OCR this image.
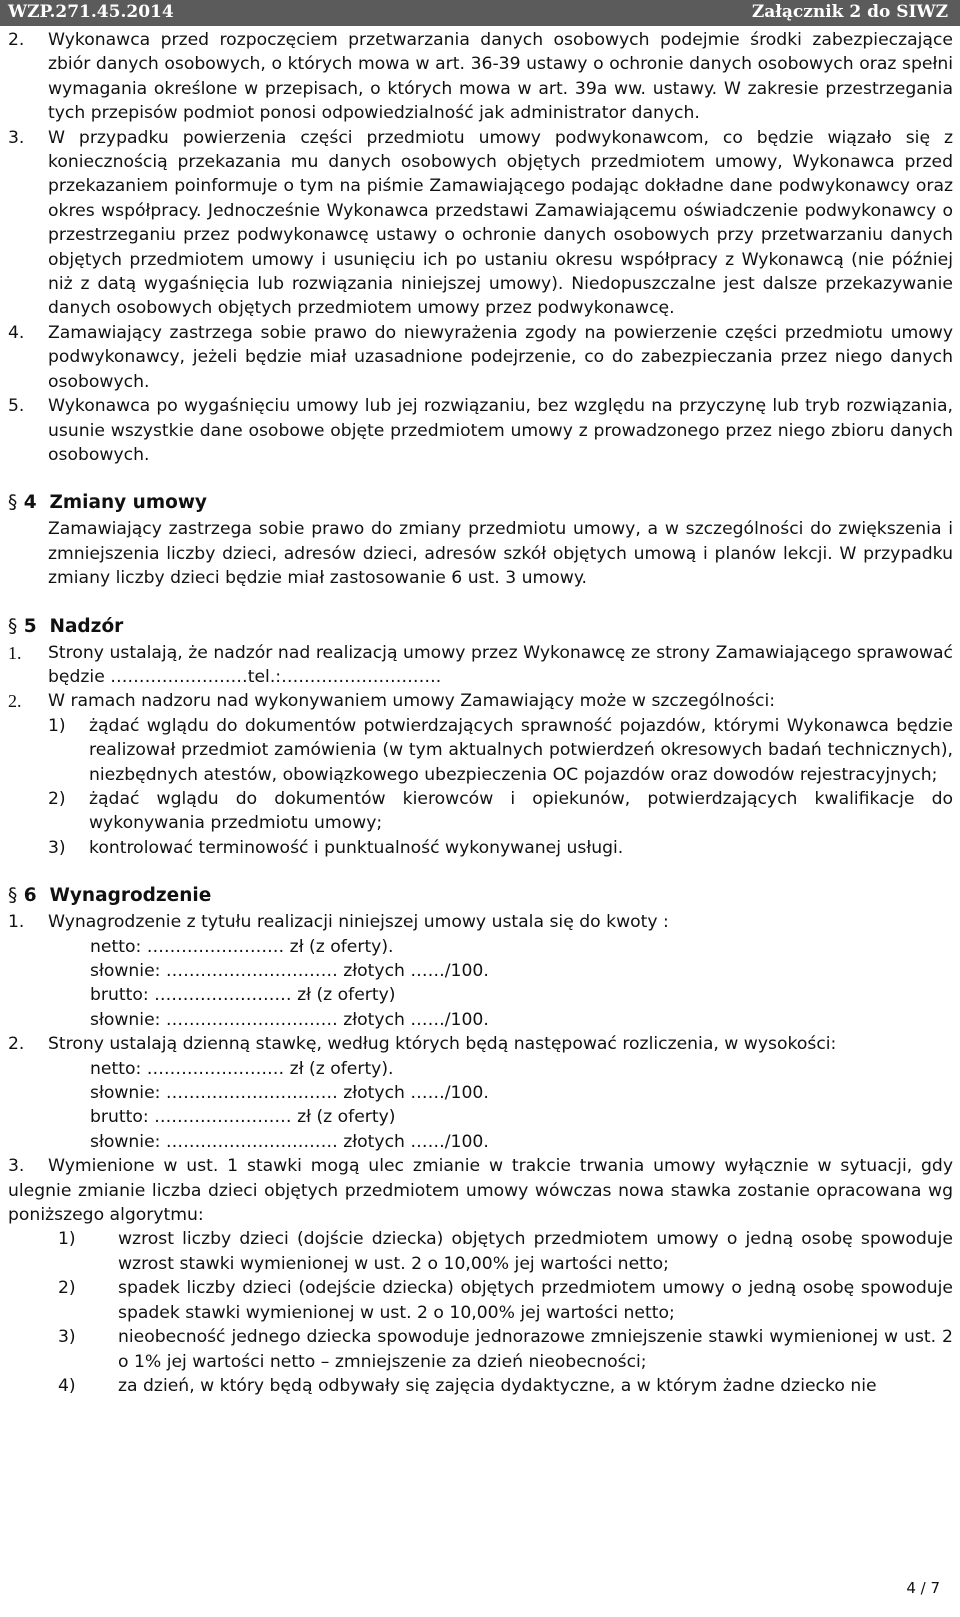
WZP.271.45.2014	Załącznik 2 do SIWZ
2. Wykonawca przed rozpoczęciem przetwarzania danych osobowych podejmie środki zabezpieczające zbiór danych osobowych, o których mowa w art. 36-39 ustawy o ochronie danych osobowych oraz spełni wymagania określone w przepisach, o których mowa w art. 39a ww. ustawy. W zakresie przestrzegania tych przepisów podmiot ponosi odpowiedzialność jak administrator danych.
3. W przypadku powierzenia części przedmiotu umowy podwykonawcom, co będzie wiązało się z koniecznością przekazania mu danych osobowych objętych przedmiotem umowy, Wykonawca przed przekazaniem poinformuje o tym na piśmie Zamawiającego podając dokładne dane podwykonawcy oraz okres współpracy. Jednocześnie Wykonawca przedstawi Zamawiającemu oświadczenie podwykonawcy o przestrzeganiu przez podwykonawcę ustawy o ochronie danych osobowych przy przetwarzaniu danych objętych przedmiotem umowy i usunięciu ich po ustaniu okresu współpracy z Wykonawcą (nie później niż z datą wygaśnięcia lub rozwiązania niniejszej umowy). Niedopuszczalne jest dalsze przekazywanie danych osobowych objętych przedmiotem umowy przez podwykonawcę.
4. Zamawiający zastrzega sobie prawo do niewyrażenia zgody na powierzenie części przedmiotu umowy podwykonawcy, jeżeli będzie miał uzasadnione podejrzenie, co do zabezpieczania przez niego danych osobowych.
5. Wykonawca po wygaśnięciu umowy lub jej rozwiązaniu, bez względu na przyczynę lub tryb rozwiązania, usunie wszystkie dane osobowe objęte przedmiotem umowy z prowadzonego przez niego zbioru danych osobowych.
§ 4 Zmiany umowy
Zamawiający zastrzega sobie prawo do zmiany przedmiotu umowy, a w szczególności do zwiększenia i zmniejszenia liczby dzieci, adresów dzieci, adresów szkół objętych umową i planów lekcji. W przypadku zmiany liczby dzieci będzie miał zastosowanie 6 ust. 3 umowy.
§ 5 Nadzór
1. Strony ustalają, że nadzór nad realizacją umowy przez Wykonawcę ze strony Zamawiającego sprawować będzie ……………………tel.:……………………….
2. W ramach nadzoru nad wykonywaniem umowy Zamawiający może w szczególności:
1) żądać wglądu do dokumentów potwierdzających sprawność pojazdów, którymi Wykonawca będzie realizował przedmiot zamówienia (w tym aktualnych potwierdzeń okresowych badań technicznych), niezbędnych atestów, obowiązkowego ubezpieczenia OC pojazdów oraz dowodów rejestracyjnych;
2) żądać wglądu do dokumentów kierowców i opiekunów, potwierdzających kwalifikacje do wykonywania przedmiotu umowy;
3) kontrolować terminowość i punktualność wykonywanej usługi.
§ 6 Wynagrodzenie
1. Wynagrodzenie z tytułu realizacji niniejszej umowy ustala się do kwoty :
netto: …………………… zł (z oferty).
słownie: ………………………… złotych ……/100.
brutto: …………………… zł (z oferty)
słownie: ………………………… złotych ……/100.
2. Strony ustalają dzienną stawkę, według których będą następować rozliczenia, w wysokości:
netto: …………………… zł (z oferty).
słownie: ………………………… złotych ……/100.
brutto: …………………… zł (z oferty)
słownie: ………………………… złotych ……/100.
3. Wymienione w ust. 1 stawki mogą ulec zmianie w trakcie trwania umowy wyłącznie w sytuacji, gdy ulegnie zmianie liczba dzieci objętych przedmiotem umowy wówczas nowa stawka zostanie opracowana wg poniższego algorytmu:
1) wzrost liczby dzieci (dojście dziecka) objętych przedmiotem umowy o jedną osobę spowoduje wzrost stawki wymienionej w ust. 2 o 10,00% jej wartości netto;
2) spadek liczby dzieci (odejście dziecka) objętych przedmiotem umowy o jedną osobę spowoduje spadek stawki wymienionej w ust. 2 o 10,00% jej wartości netto;
3) nieobecność jednego dziecka spowoduje jednorazowe zmniejszenie stawki wymienionej w ust. 2 o 1% jej wartości netto – zmniejszenie za dzień nieobecności;
4) za dzień, w który będą odbywały się zajęcia dydaktyczne, a w którym żadne dziecko nie
4 / 7
